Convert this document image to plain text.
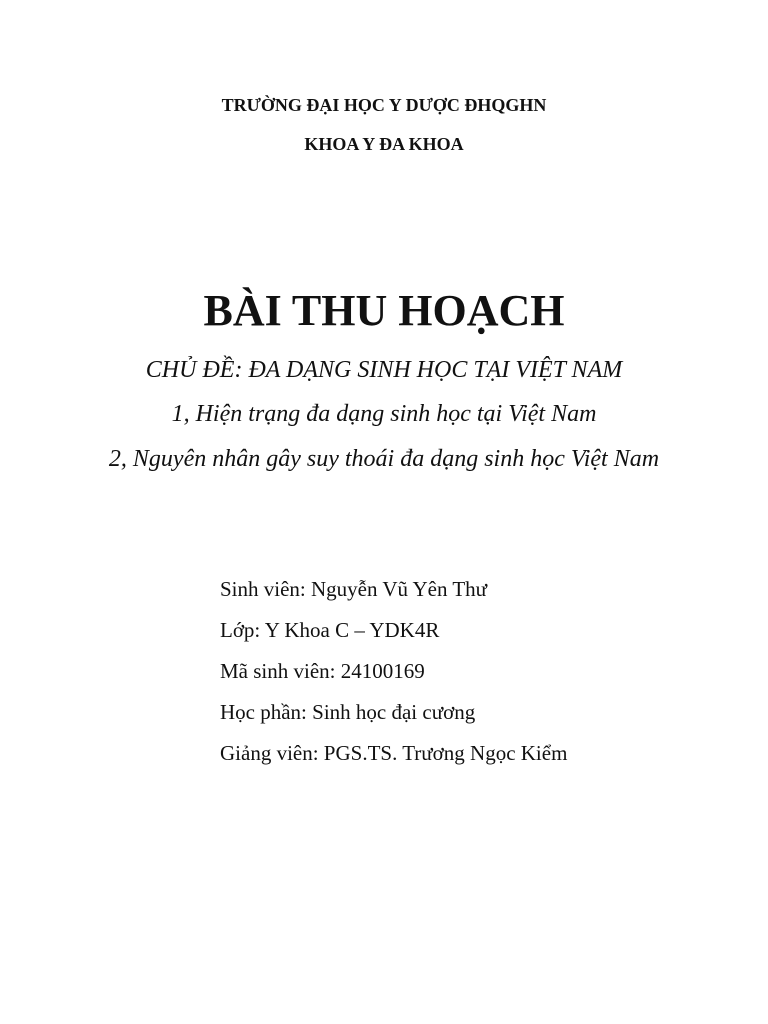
TRƯỜNG ĐẠI HỌC Y DƯỢC ĐHQGHN
KHOA Y ĐA KHOA
BÀI THU HOẠCH
CHỦ ĐỀ: ĐA DẠNG SINH HỌC TẠI VIỆT NAM
1, Hiện trạng đa dạng sinh học tại Việt Nam
2, Nguyên nhân gây suy thoái đa dạng sinh học Việt Nam
Sinh viên: Nguyễn Vũ Yên Thư
Lớp: Y Khoa C – YDK4R
Mã sinh viên: 24100169
Học phần: Sinh học đại cương
Giảng viên: PGS.TS. Trương Ngọc Kiểm
